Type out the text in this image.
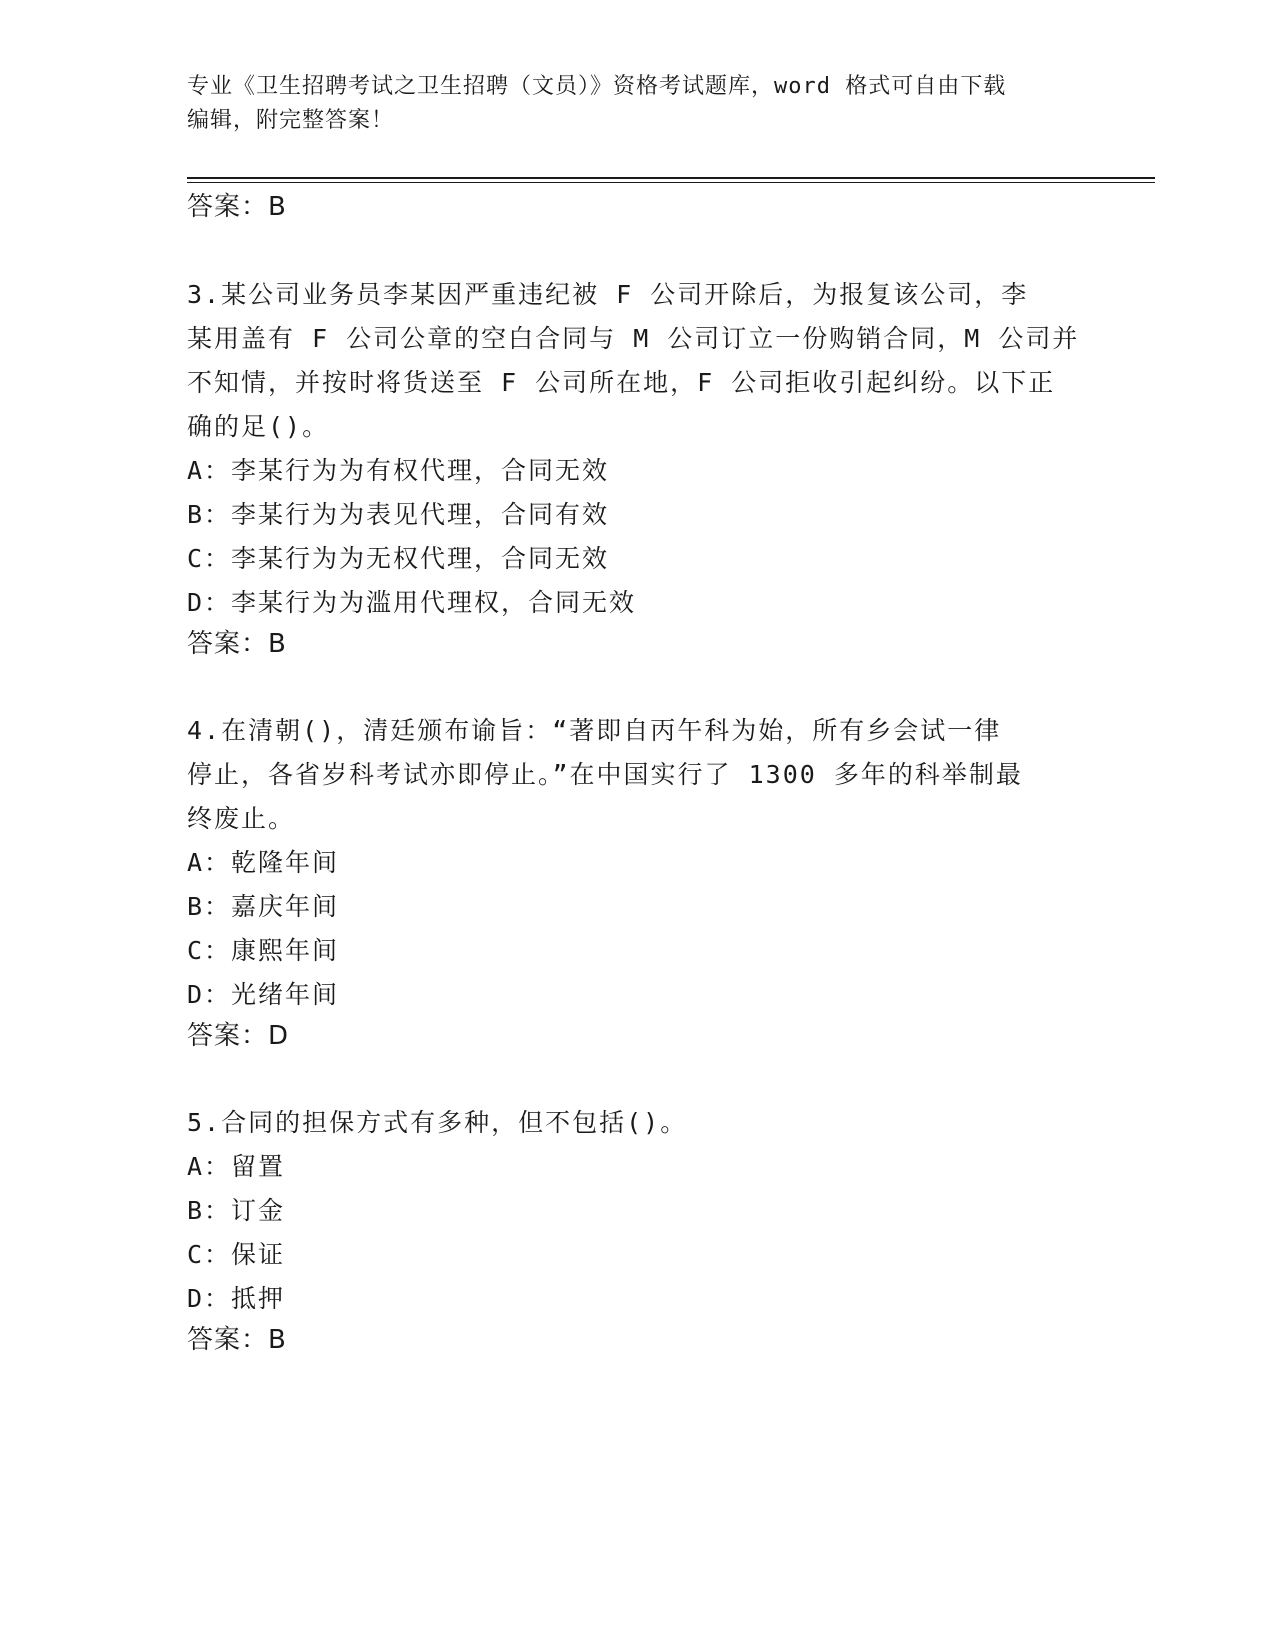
专业《卫生招聘考试之卫生招聘（文员）》资格考试题库，word 格式可自由下载
编辑，附完整答案！
答案：B
3.某公司业务员李某因严重违纪被 F 公司开除后，为报复该公司，李
某用盖有 F 公司公章的空白合同与 M 公司订立一份购销合同，M 公司并
不知情，并按时将货送至 F 公司所在地，F 公司拒收引起纠纷。以下正
确的足()。
A：李某行为为有权代理，合同无效
B：李某行为为表见代理，合同有效
C：李某行为为无权代理，合同无效
D：李某行为为滥用代理权，合同无效
答案：B
4.在清朝()，清廷颁布谕旨：“著即自丙午科为始，所有乡会试一律
停止，各省岁科考试亦即停止。”在中国实行了 1300 多年的科举制最
终废止。
A：乾隆年间
B：嘉庆年间
C：康熙年间
D：光绪年间
答案：D
5.合同的担保方式有多种，但不包括()。
A：留置
B：订金
C：保证
D：抵押
答案：B
